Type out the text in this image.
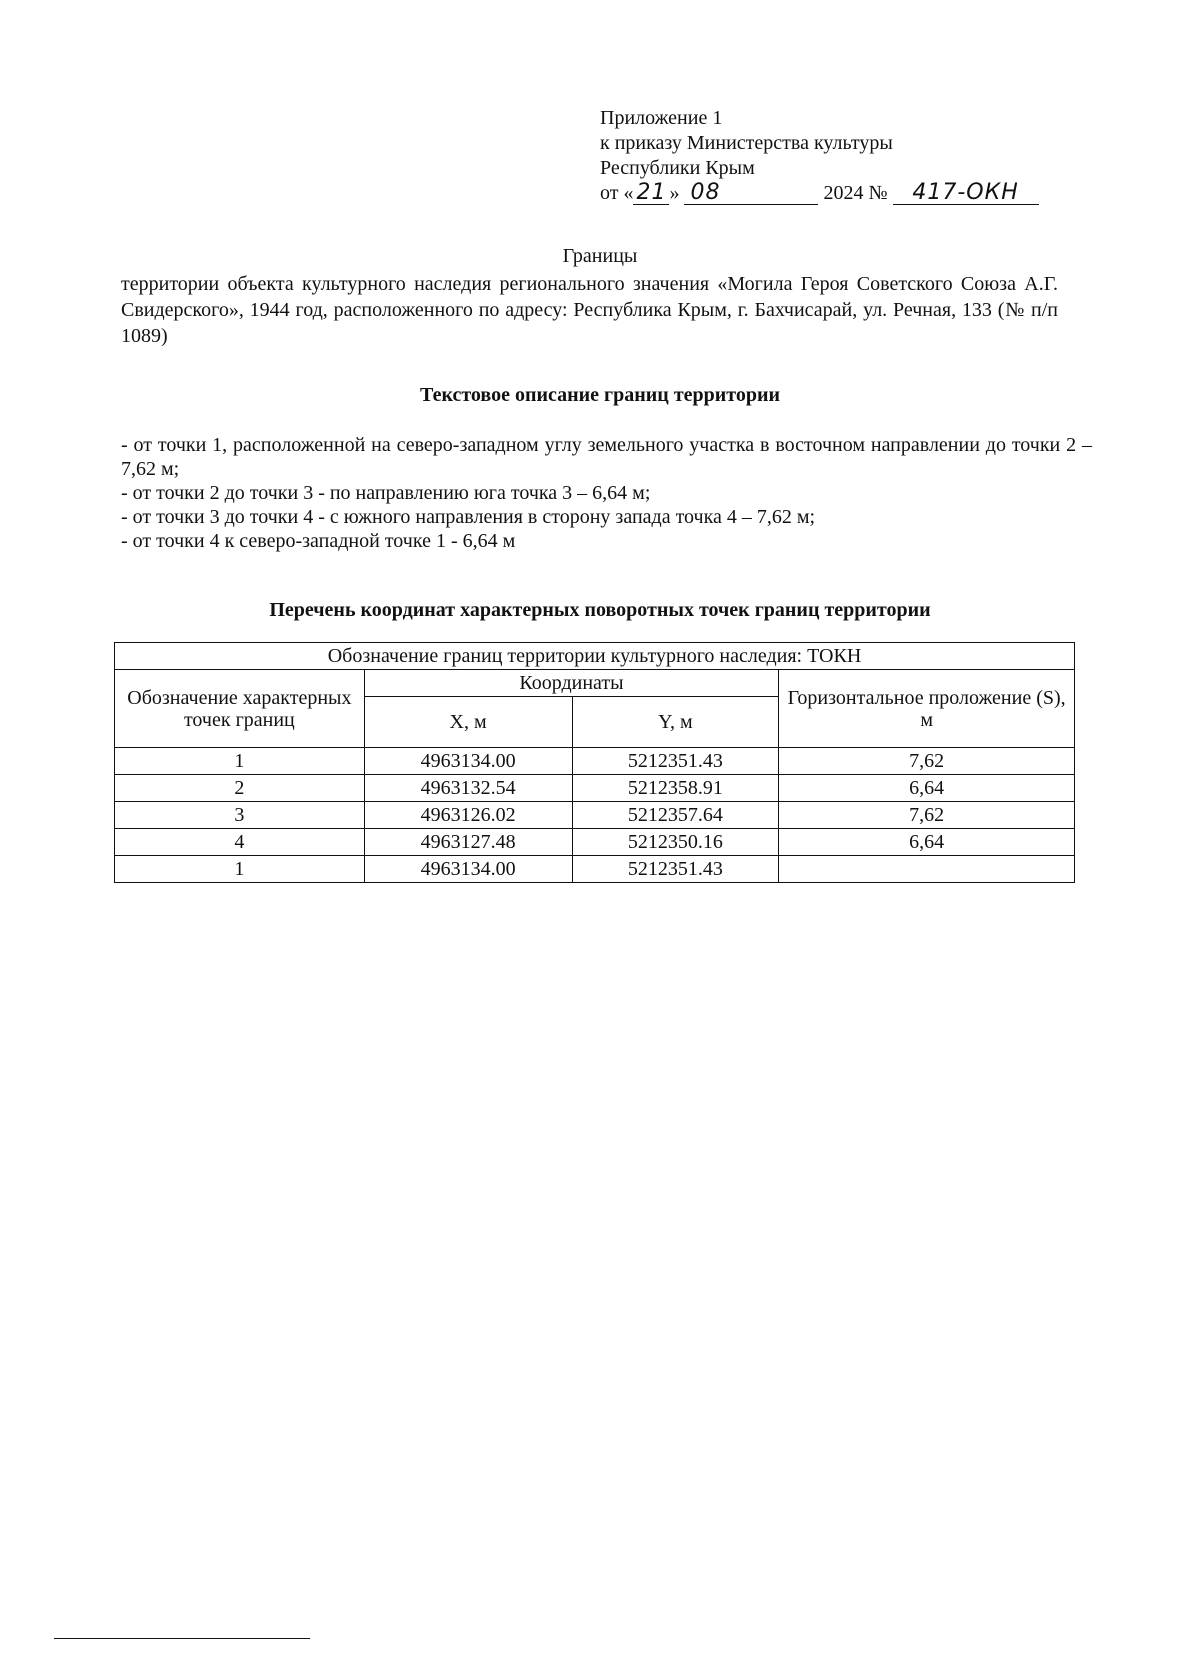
Приложение 1
к приказу Министерства культуры
Республики Крым
от « 21 » 08	2024 № 417-ОКН
Границы
территории объекта культурного наследия регионального значения «Могила Героя Советского Союза А.Г. Свидерского», 1944 год, расположенного по адресу: Республика Крым, г. Бахчисарай, ул. Речная, 133 (№ п/п 1089)
Текстовое описание границ территории
- от точки 1, расположенной на северо-западном углу земельного участка в восточном направлении до точки 2 –7,62 м;
- от точки 2 до точки 3 - по направлению юга точка 3 – 6,64 м;
- от точки 3 до точки 4 - с южного направления в сторону запада точка 4 – 7,62 м;
- от точки 4 к северо-западной точке 1 - 6,64 м
Перечень координат характерных поворотных точек границ территории
Обозначение границ территории культурного наследия: ТОКН			
Обозначение характерных точек границ	Координаты		Горизонтальное проложение (S), м
	X, м	Y, м	
1	4963134.00	5212351.43	7,62
2	4963132.54	5212358.91	6,64
3	4963126.02	5212357.64	7,62
4	4963127.48	5212350.16	6,64
1	4963134.00	5212351.43	
